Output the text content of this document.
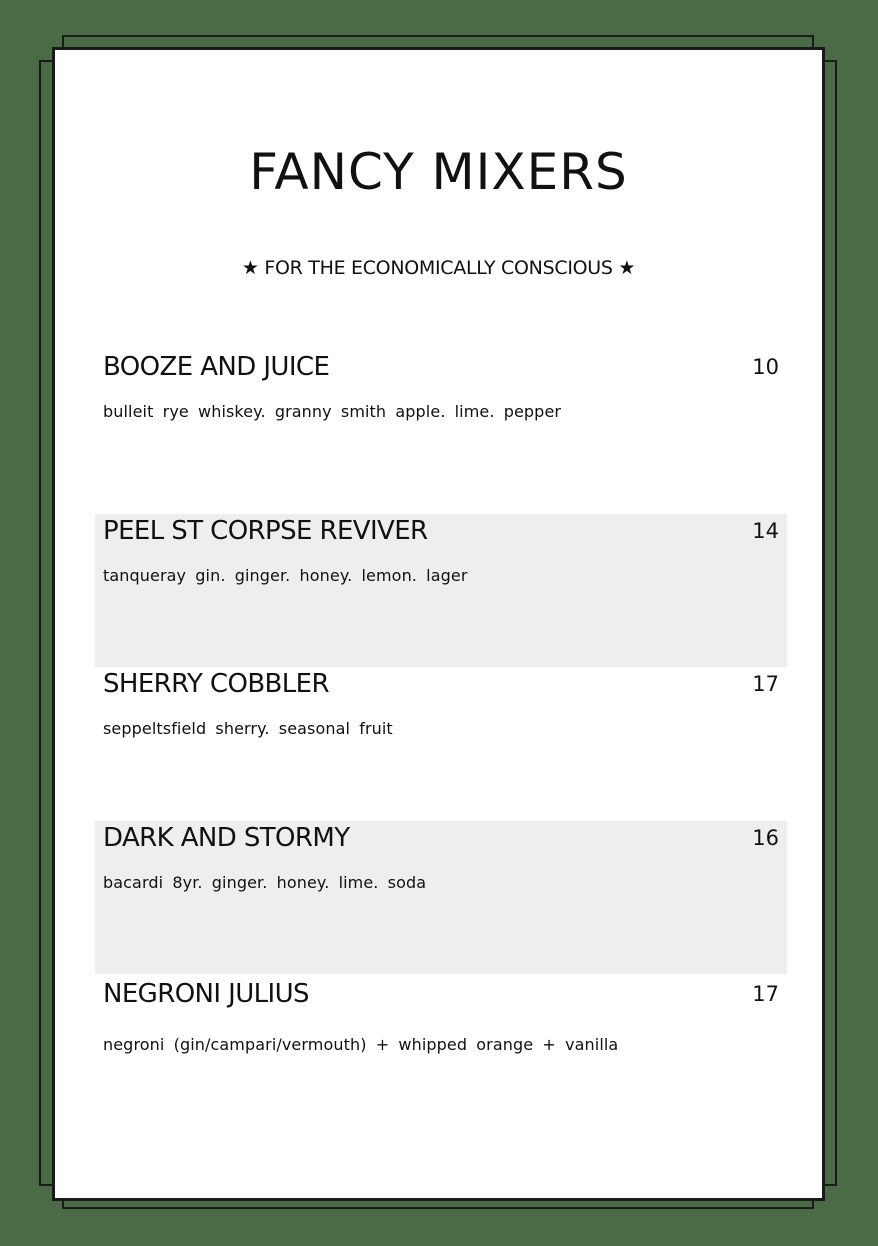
FANCY MIXERS
★ FOR THE ECONOMICALLY CONSCIOUS ★
BOOZE AND JUICE	10
bulleit rye whiskey. granny smith apple. lime. pepper
PEEL ST CORPSE REVIVER	14
tanqueray gin. ginger. honey. lemon. lager
SHERRY COBBLER	17
seppeltsfield sherry. seasonal fruit
DARK AND STORMY	16
bacardi 8yr. ginger. honey. lime. soda
NEGRONI JULIUS	17
negroni (gin/campari/vermouth) + whipped orange + vanilla
